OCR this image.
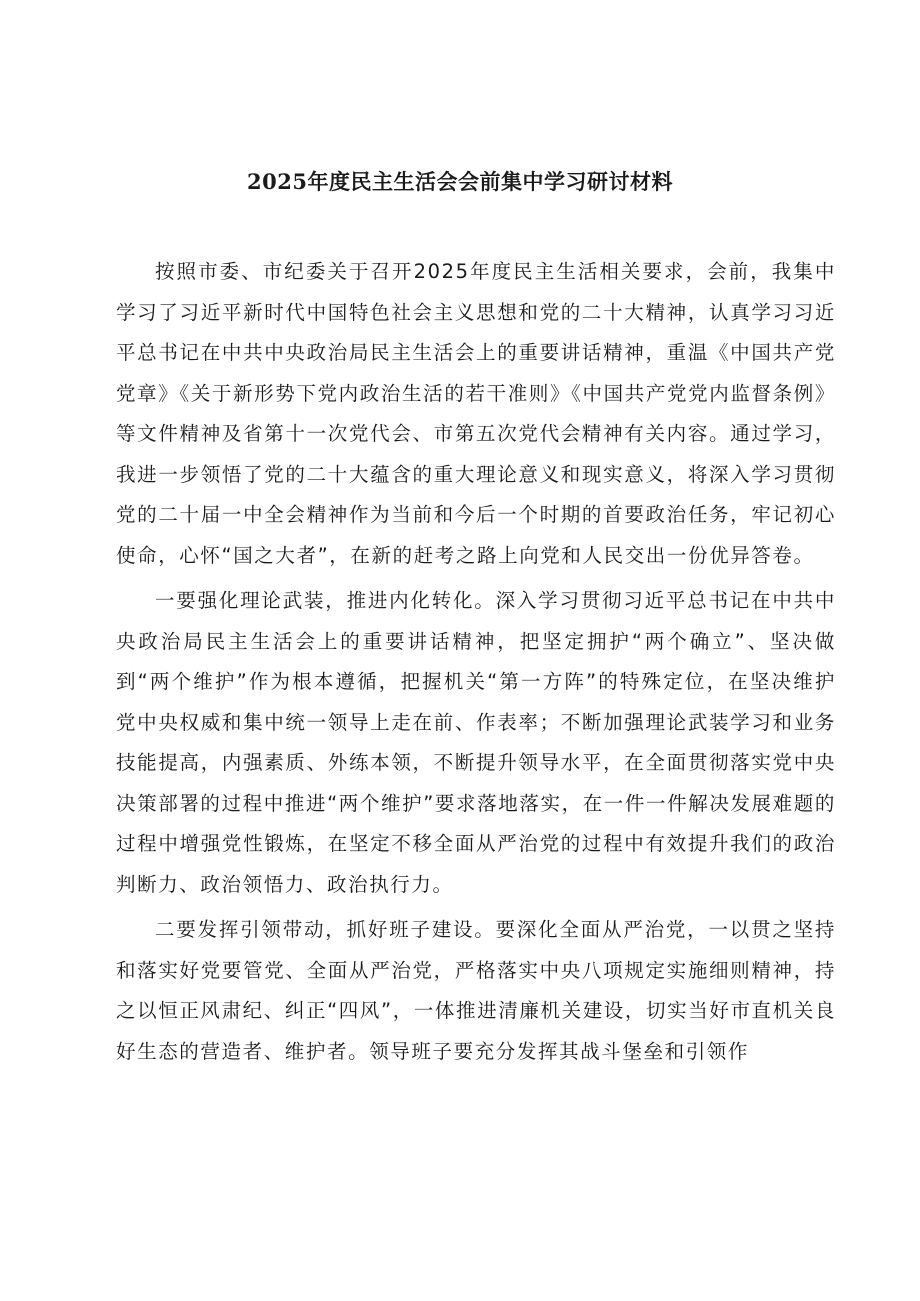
2025年度民主生活会会前集中学习研讨材料

按照市委、市纪委关于召开2025年度民主生活相关要求，会前，我集中学习了习近平新时代中国特色社会主义思想和党的二十大精神，认真学习习近平总书记在中共中央政治局民主生活会上的重要讲话精神，重温《中国共产党党章》《关于新形势下党内政治生活的若干准则》《中国共产党党内监督条例》等文件精神及省第十一次党代会、市第五次党代会精神有关内容。通过学习，我进一步领悟了党的二十大蕴含的重大理论意义和现实意义，将深入学习贯彻党的二十届一中全会精神作为当前和今后一个时期的首要政治任务，牢记初心使命，心怀“国之大者”，在新的赶考之路上向党和人民交出一份优异答卷。

一要强化理论武装，推进内化转化。深入学习贯彻习近平总书记在中共中央政治局民主生活会上的重要讲话精神，把坚定拥护“两个确立”、坚决做到“两个维护”作为根本遵循，把握机关“第一方阵”的特殊定位，在坚决维护党中央权威和集中统一领导上走在前、作表率；不断加强理论武装学习和业务技能提高，内强素质、外练本领，不断提升领导水平，在全面贯彻落实党中央决策部署的过程中推进“两个维护”要求落地落实，在一件一件解决发展难题的过程中增强党性锻炼，在坚定不移全面从严治党的过程中有效提升我们的政治判断力、政治领悟力、政治执行力。

二要发挥引领带动，抓好班子建设。要深化全面从严治党，一以贯之坚持和落实好党要管党、全面从严治党，严格落实中央八项规定实施细则精神，持之以恒正风肃纪、纠正“四风”，一体推进清廉机关建设，切实当好市直机关良好生态的营造者、维护者。领导班子要充分发挥其战斗堡垒和引领作
